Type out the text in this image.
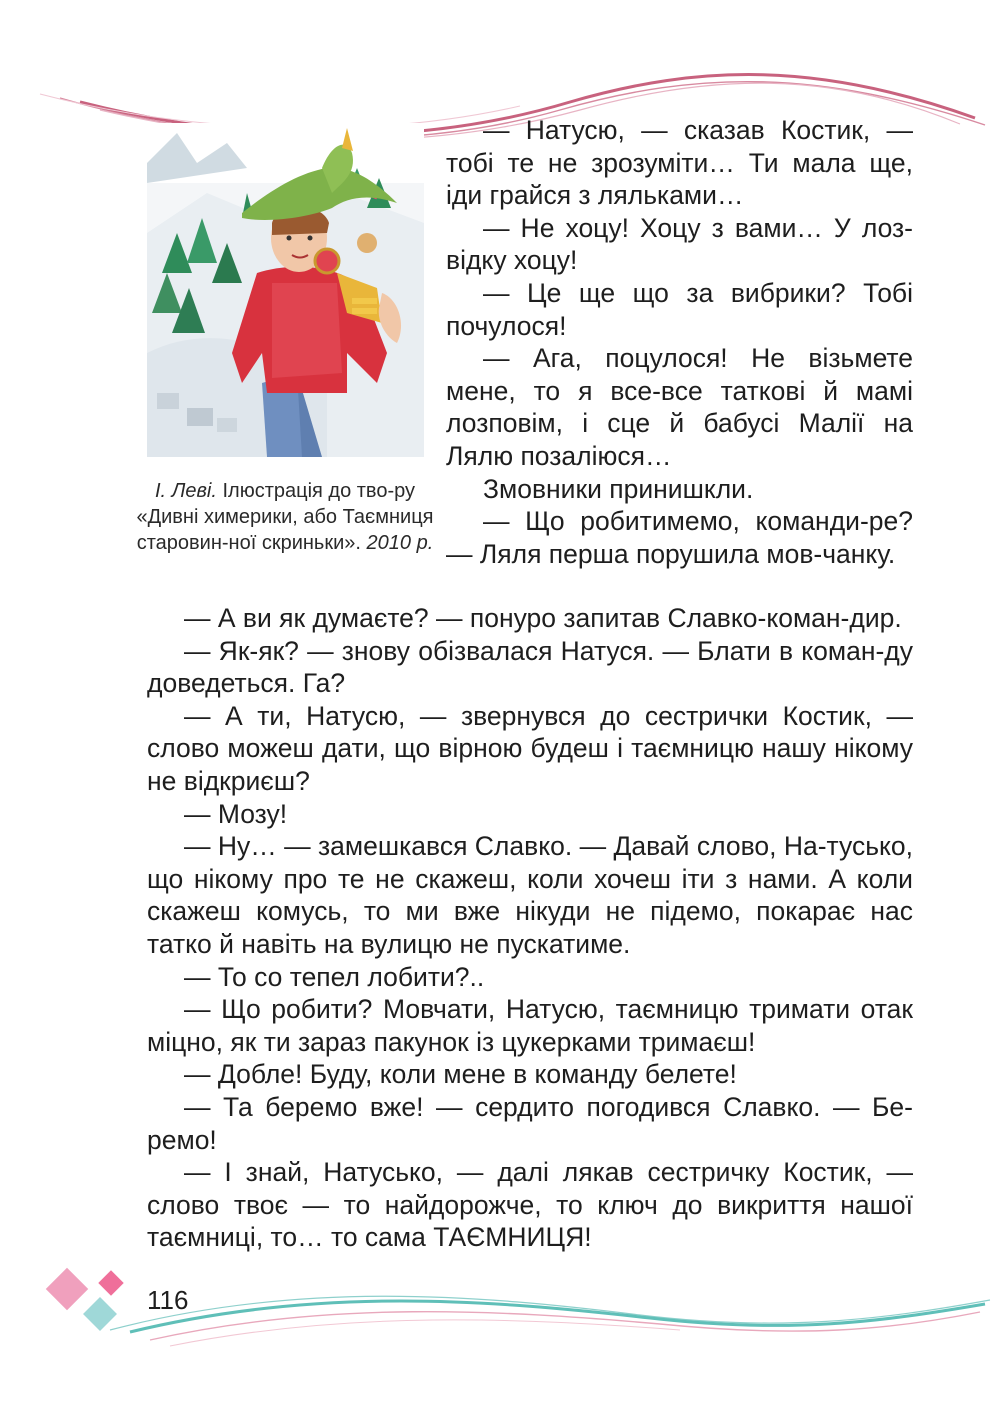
І. Леві. Ілюстрація до тво-ру «Дивні химерики, або Таємниця старовин-ної скриньки». 2010 р.

— Натусю, — сказав Костик, — тобі те не зрозуміти… Ти мала ще, іди грайся з ляльками…

— Не хоцу! Хоцу з вами… У лоз-відку хоцу!

— Це ще що за вибрики? Тобі почулося!

— Ага, поцулося! Не візьмете мене, то я все-все таткові й мамі лозповім, і сце й бабусі Малії на Лялю позаліюся…

Змовники принишкли.

— Що робитимемо, команди-ре? — Ляля перша порушила мов-чанку.

— А ви як думаєте? — понуро запитав Славко-коман-дир.

— Як-як? — знову обізвалася Натуся. — Блати в коман-ду доведеться. Га?

— А ти, Натусю, — звернувся до сестрички Костик, — слово можеш дати, що вірною будеш і таємницю нашу нікому не відкриєш?

— Мозу!

— Ну… — замешкався Славко. — Давай слово, На-тусько, що нікому про те не скажеш, коли хочеш іти з нами. А коли скажеш комусь, то ми вже нікуди не підемо, покарає нас татко й навіть на вулицю не пускатиме.

— То со тепел лобити?..

— Що робити? Мовчати, Натусю, таємницю тримати отак міцно, як ти зараз пакунок із цукерками тримаєш!

— Добле! Буду, коли мене в команду белете!

— Та беремо вже! — сердито погодився Славко. — Бе-ремо!

— І знай, Натусько, — далі лякав сестричку Костик, — слово твоє — то найдорожче, то ключ до викриття нашої таємниці, то… то сама ТАЄМНИЦЯ!

116
